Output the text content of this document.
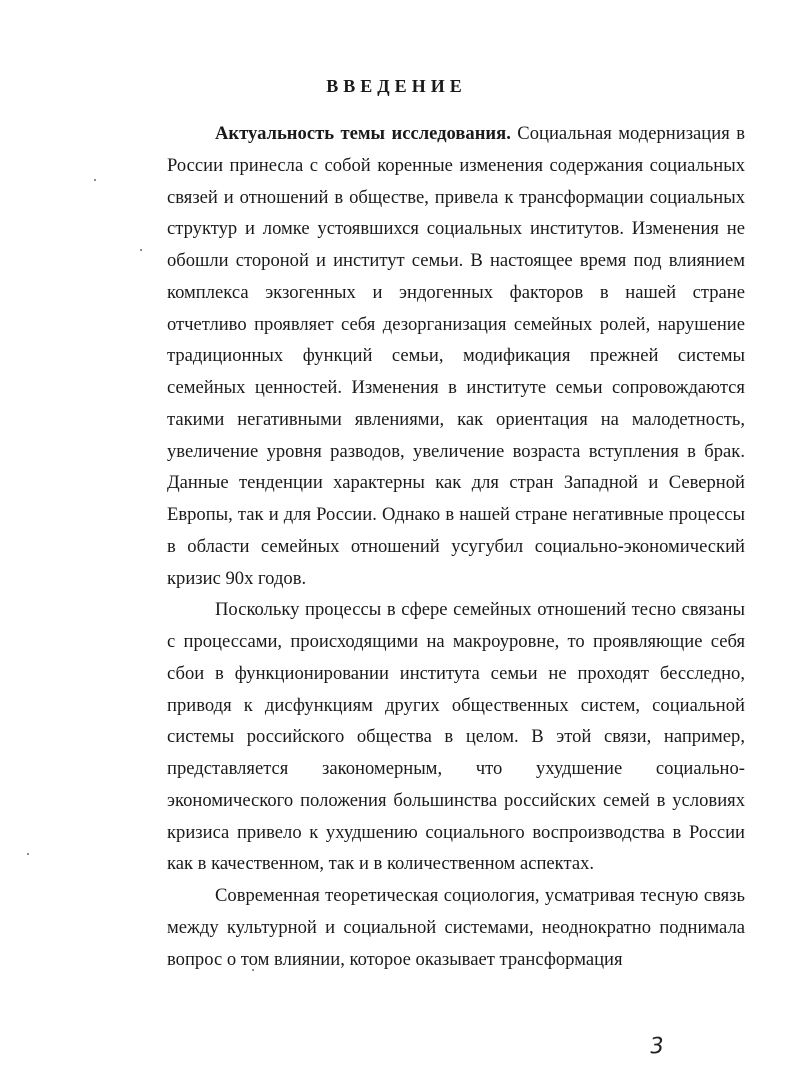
ВВЕДЕНИЕ

Актуальность темы исследования. Социальная модернизация в России принесла с собой коренные изменения содержания социальных связей и отношений в обществе, привела к трансформации социальных структур и ломке устоявшихся социальных институтов. Изменения не обошли стороной и институт семьи. В настоящее время под влиянием комплекса экзогенных и эндогенных факторов в нашей стране отчетливо проявляет себя дезорганизация семейных ролей, нарушение традиционных функций семьи, модификация прежней системы семейных ценностей. Изменения в институте семьи сопровождаются такими негативными явлениями, как ориентация на малодетность, увеличение уровня разводов, увеличение возраста вступления в брак. Данные тенденции характерны как для стран Западной и Северной Европы, так и для России. Однако в нашей стране негативные процессы в области семейных отношений усугубил социально-экономический кризис 90х годов.

Поскольку процессы в сфере семейных отношений тесно связаны с процессами, происходящими на макроуровне, то проявляющие себя сбои в функционировании института семьи не проходят бесследно, приводя к дисфункциям других общественных систем, социальной системы российского общества в целом. В этой связи, например, представляется закономерным, что ухудшение социально-экономического положения большинства российских семей в условиях кризиса привело к ухудшению социального воспроизводства в России как в качественном, так и в количественном аспектах.

Современная теоретическая социология, усматривая тесную связь между культурной и социальной системами, неоднократно поднимала вопрос о том влиянии, которое оказывает трансформация

3
